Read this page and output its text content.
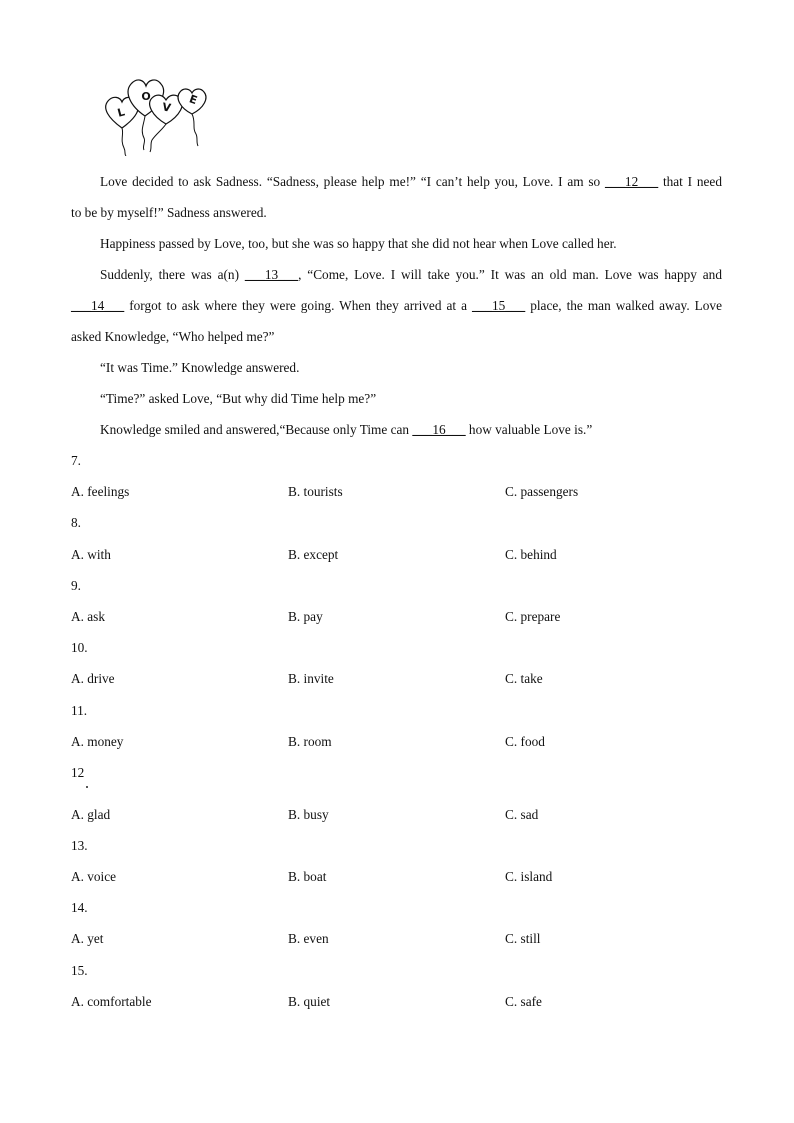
L
O
V
E

Love decided to ask Sadness. “Sadness, please help me!” “I can’t help you, Love. I am so ___12___ that I need

to be by myself!” Sadness answered.

Happiness passed by Love, too, but she was so happy that she did not hear when Love called her.

Suddenly, there was a(n) ___13___, “Come, Love. I will take you.” It was an old man. Love was happy and

___14___ forgot to ask where they were going. When they arrived at a ___15___ place, the man walked away. Love

asked Knowledge, “Who helped me?”

“It was Time.” Knowledge answered.

“Time?” asked Love, “But why did Time help me?”

Knowledge smiled and answered,“Because only Time can ___16___ how valuable Love is.”

7.
A. feelings	B. tourists	C. passengers
8.
A. with	B. except	C. behind
9.
A. ask	B. pay	C. prepare
10.
A. drive	B. invite	C. take
11.
A. money	B. room	C. food
12
A. glad	B. busy	C. sad
13.
A. voice	B. boat	C. island
14.
A. yet	B. even	C. still
15.
A. comfortable	B. quiet	C. safe
